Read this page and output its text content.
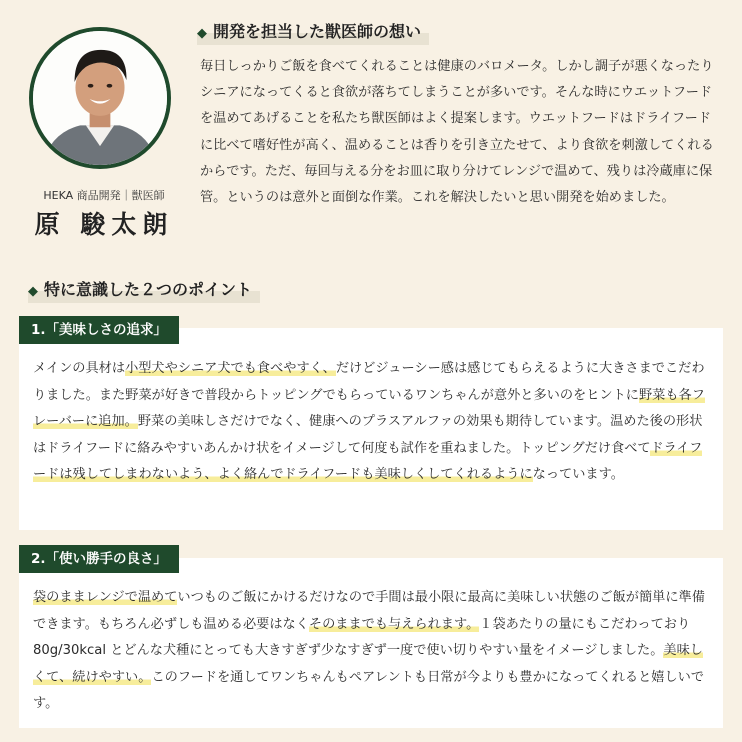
HEKA 商品開発｜獣医師
原 駿太朗
◆ 開発を担当した獣医師の想い
毎日しっかりご飯を食べてくれることは健康のバロメータ。しかし調子が悪くなったりシニアになってくると食欲が落ちてしまうことが多いです。そんな時にウエットフードを温めてあげることを私たち獣医師はよく提案します。ウエットフードはドライフードに比べて嗜好性が高く、温めることは香りを引き立たせて、より食欲を刺激してくれるからです。ただ、毎回与える分をお皿に取り分けてレンジで温めて、残りは冷蔵庫に保管。というのは意外と面倒な作業。これを解決したいと思い開発を始めました。
◆ 特に意識した２つのポイント
1.「美味しさの追求」
メインの具材は小型犬やシニア犬でも食べやすく、だけどジューシー感は感じてもらえるように大きさまでこだわりました。また野菜が好きで普段からトッピングでもらっているワンちゃんが意外と多いのをヒントに野菜も各フレーバーに追加。野菜の美味しさだけでなく、健康へのプラスアルファの効果も期待しています。温めた後の形状はドライフードに絡みやすいあんかけ状をイメージして何度も試作を重ねました。トッピングだけ食べてドライフードは残してしまわないよう、よく絡んでドライフードも美味しくしてくれるようになっています。
2.「使い勝手の良さ」
袋のままレンジで温めていつものご飯にかけるだけなので手間は最小限に最高に美味しい状態のご飯が簡単に準備できます。もちろん必ずしも温める必要はなくそのままでも与えられます。１袋あたりの量にもこだわっており 80g/30kcal とどんな犬種にとっても大きすぎず少なすぎず一度で使い切りやすい量をイメージしました。美味しくて、続けやすい。このフードを通してワンちゃんもペアレントも日常が今よりも豊かになってくれると嬉しいです。
